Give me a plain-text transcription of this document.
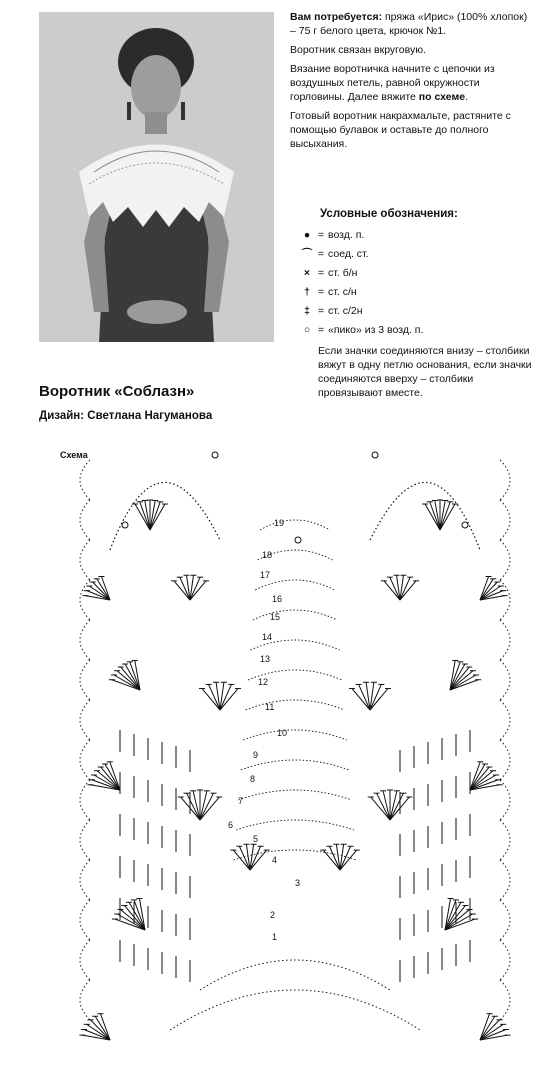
Вам потребуется: пряжа «Ирис» (100% хлопок) – 75 г белого цвета, крючок №1.

Воротник связан вкруговую.

Вязание воротничка начните с цепочки из воздушных петель, равной окружности горловины. Далее вяжите по схеме.

Готовый воротник накрахмальте, растяните с помощью булавок и оставьте до полного высыхания.

Условные обозначения:
● = возд. п.
⌒ = соед. ст.
× = ст. б/н
† = ст. с/н
‡ = ст. с/2н
○ = «пико» из 3 возд. п.
Если значки соединяются внизу – столбики вяжут в одну петлю основания, если значки соединяются вверху – столбики провязывают вместе.
Воротник «Соблазн»
Дизайн: Светлана Нагуманова
1
2
3
4
5
6
7
8
9
10
11
12
13
14
15
16
17
18
19
Схема
